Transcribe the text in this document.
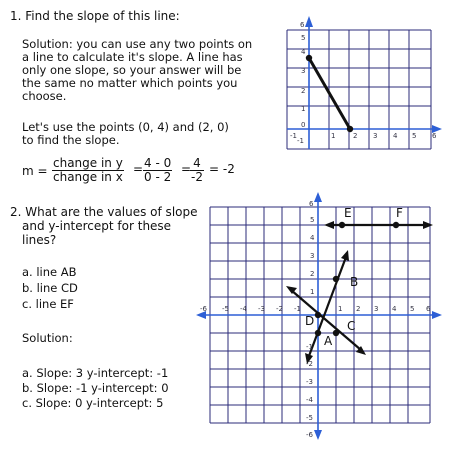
1. Find the slope of this line:
Solution: you can use any two points on
a line to calculate it's slope. A line has
only one slope, so your answer will be
the same no matter which points you
choose.
Let's use the points (0, 4) and (2, 0)
to find the slope.
m =
change in y
change in x
= $\frac{4 - 0}{0 - 2}$ =
$\frac{4}{-2} = -2$
6
5
4
3
2
1
0
-1
1	2 3 4 5 6
-1
2. What are the values of slope
and y-intercept for these
lines?
a. line AB
b. line CD
c. line EF
Solution:
a. Slope: 3 y-intercept: -1
b. Slope: -1 y-intercept: 0
c. Slope: 0 y-intercept: 5
A
B
C
D
E	F
6
5
4
3
2
1
-1
-2
-3
-4
-5
-6
-6 -5 -4 -3 -2 -1	1 2 3 4 5 6
